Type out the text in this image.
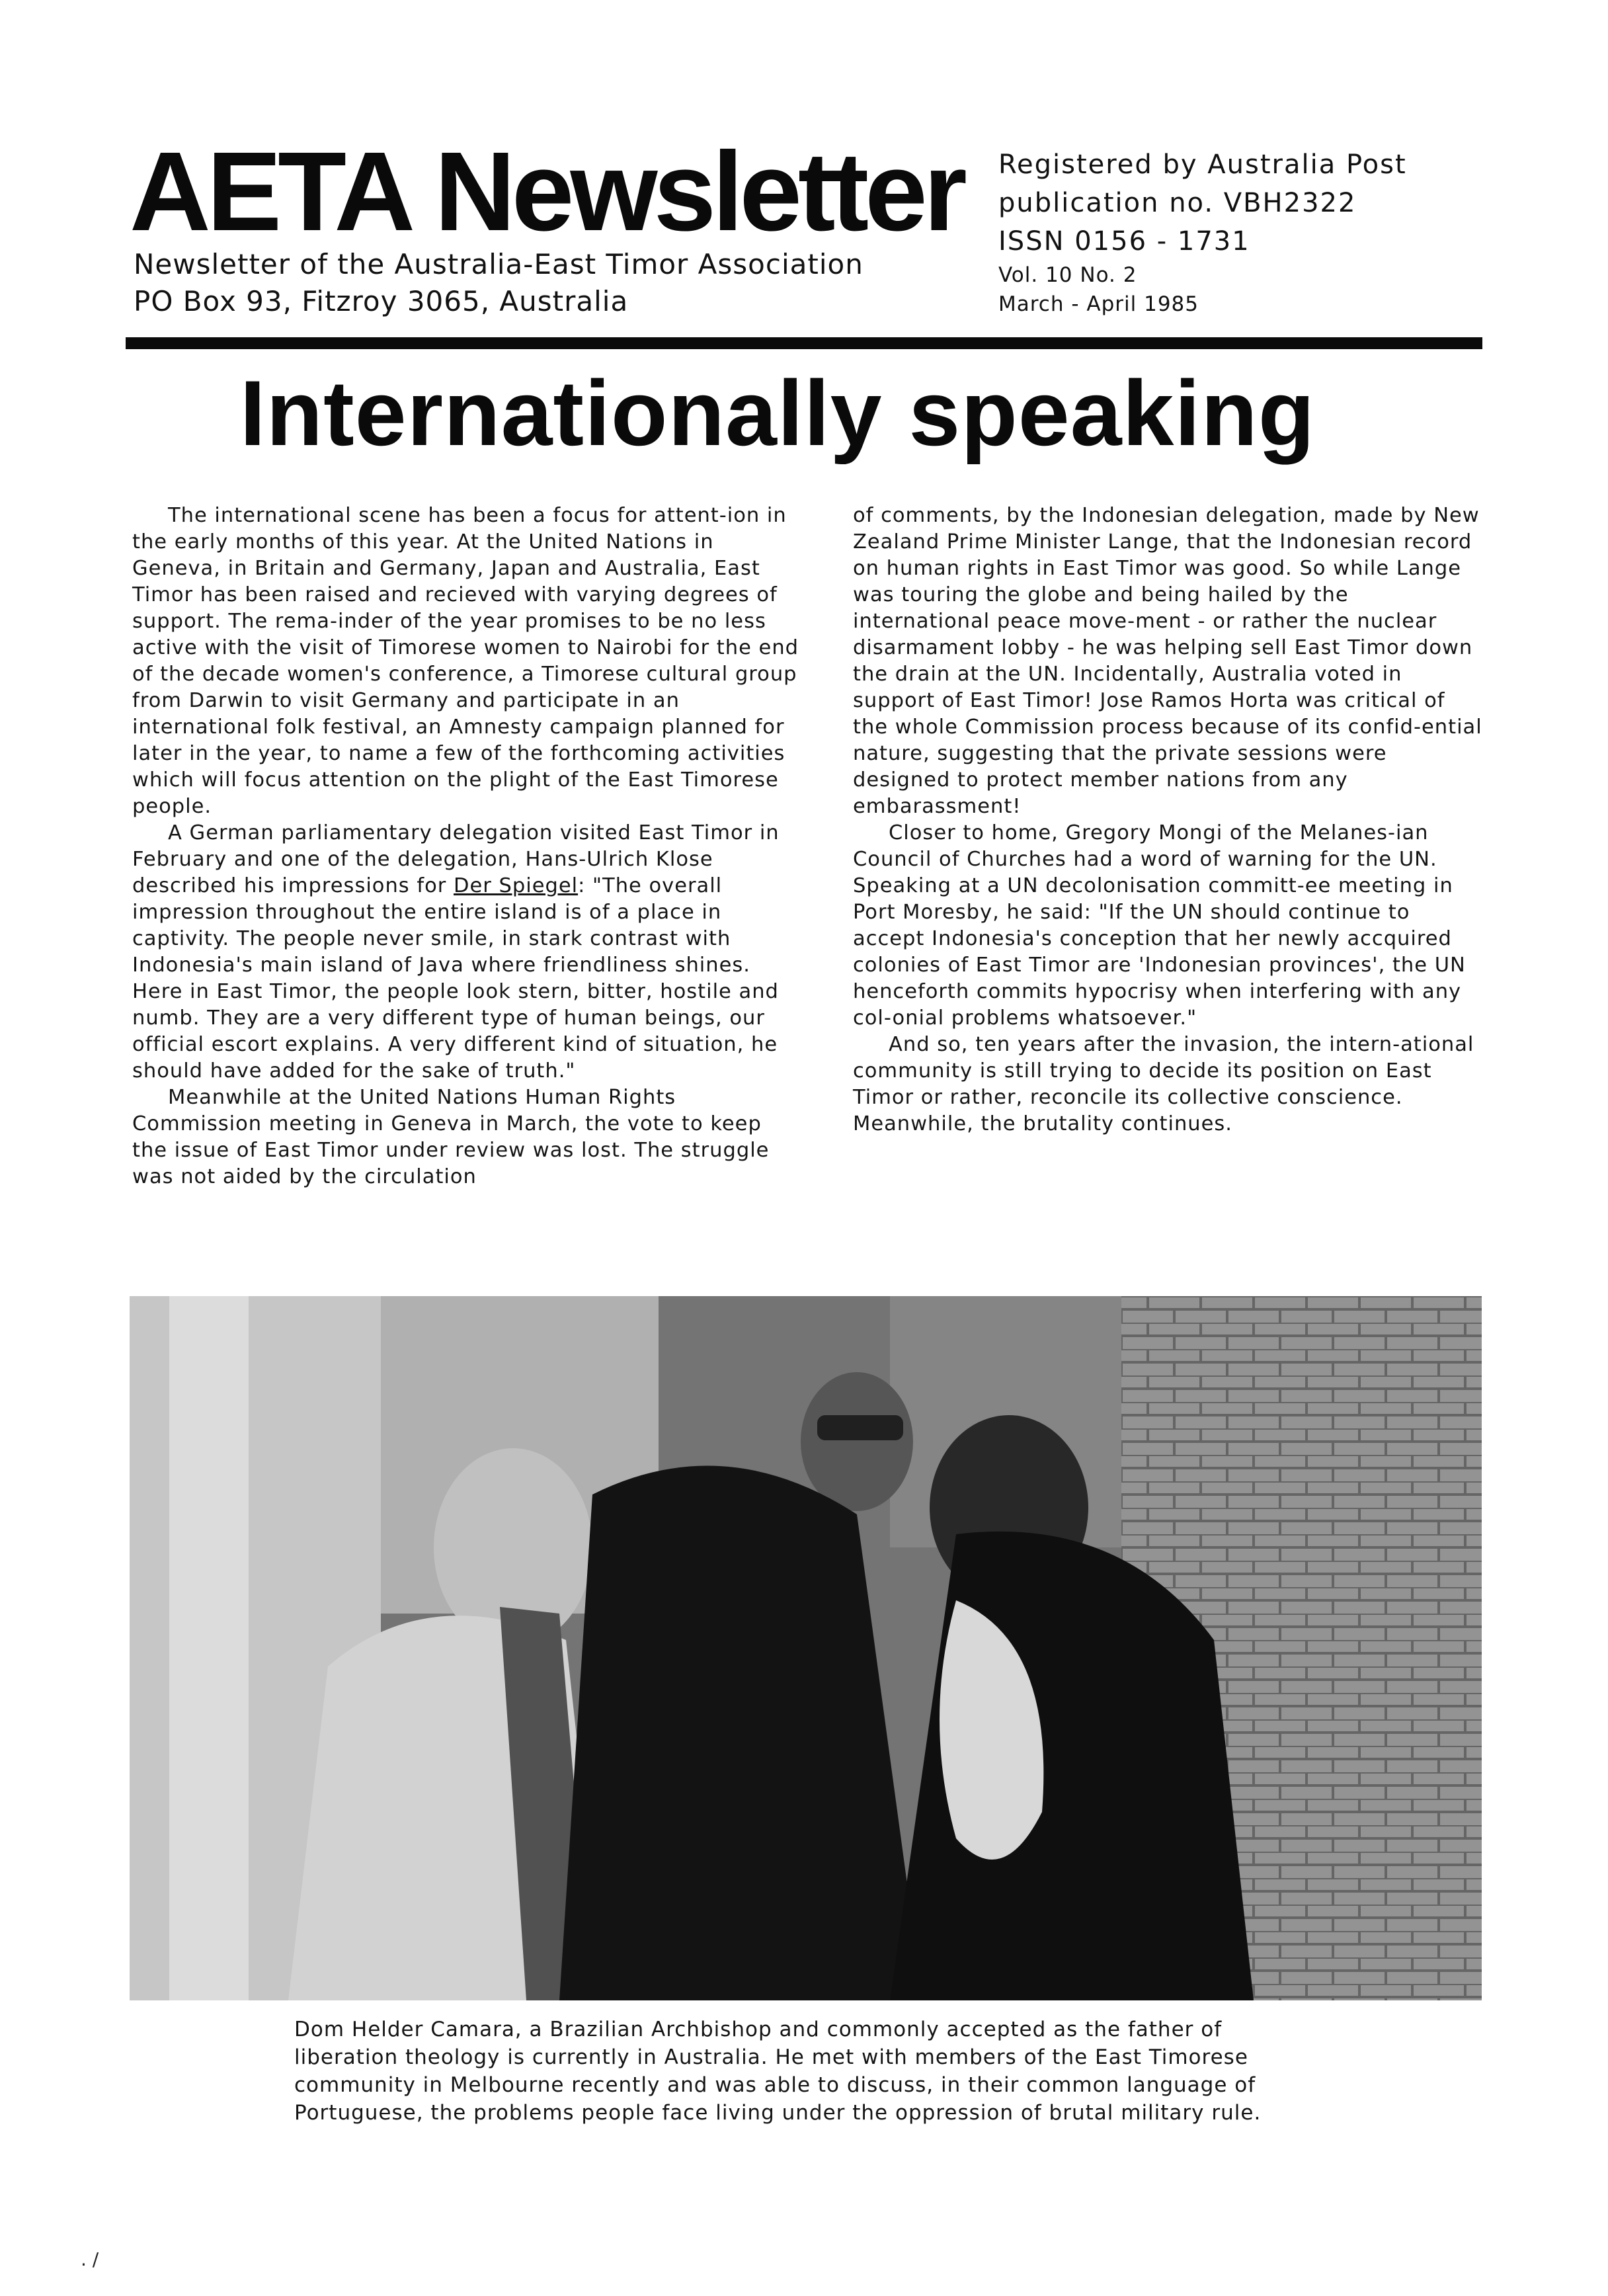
AETA Newsletter
Newsletter of the Australia-East Timor Association
PO Box 93, Fitzroy 3065, Australia
Registered by Australia Post
publication no. VBH2322
ISSN 0156 - 1731
Vol. 10 No. 2
March - April 1985
Internationally speaking

The international scene has been a focus for attent-ion in the early months of this year. At the United Nations in Geneva, in Britain and Germany, Japan and Australia, East Timor has been raised and recieved with varying degrees of support. The rema-inder of the year promises to be no less active with the visit of Timorese women to Nairobi for the end of the decade women's conference, a Timorese cultural group from Darwin to visit Germany and participate in an international folk festival, an Amnesty campaign planned for later in the year, to name a few of the forthcoming activities which will focus attention on the plight of the East Timorese people.

A German parliamentary delegation visited East Timor in February and one of the delegation, Hans-Ulrich Klose described his impressions for Der Spiegel: "The overall impression throughout the entire island is of a place in captivity. The people never smile, in stark contrast with Indonesia's main island of Java where friendliness shines. Here in East Timor, the people look stern, bitter, hostile and numb. They are a very different type of human beings, our official escort explains. A very different kind of situation, he should have added for the sake of truth."

Meanwhile at the United Nations Human Rights Commission meeting in Geneva in March, the vote to keep the issue of East Timor under review was lost. The struggle was not aided by the circulation

of comments, by the Indonesian delegation, made by New Zealand Prime Minister Lange, that the Indonesian record on human rights in East Timor was good. So while Lange was touring the globe and being hailed by the international peace move-ment - or rather the nuclear disarmament lobby - he was helping sell East Timor down the drain at the UN. Incidentally, Australia voted in support of East Timor! Jose Ramos Horta was critical of the whole Commission process because of its confid-ential nature, suggesting that the private sessions were designed to protect member nations from any embarassment!

Closer to home, Gregory Mongi of the Melanes-ian Council of Churches had a word of warning for the UN. Speaking at a UN decolonisation committ-ee meeting in Port Moresby, he said: "If the UN should continue to accept Indonesia's conception that her newly accquired colonies of East Timor are 'Indonesian provinces', the UN henceforth commits hypocrisy when interfering with any col-onial problems whatsoever."

And so, ten years after the invasion, the intern-ational community is still trying to decide its position on East Timor or rather, reconcile its collective conscience. Meanwhile, the brutality continues.

Dom Helder Camara, a Brazilian Archbishop and commonly accepted as the father of
liberation theology is currently in Australia. He met with members of the East Timorese
community in Melbourne recently and was able to discuss, in their common language of
Portuguese, the problems people face living under the oppression of brutal military rule.
. /
